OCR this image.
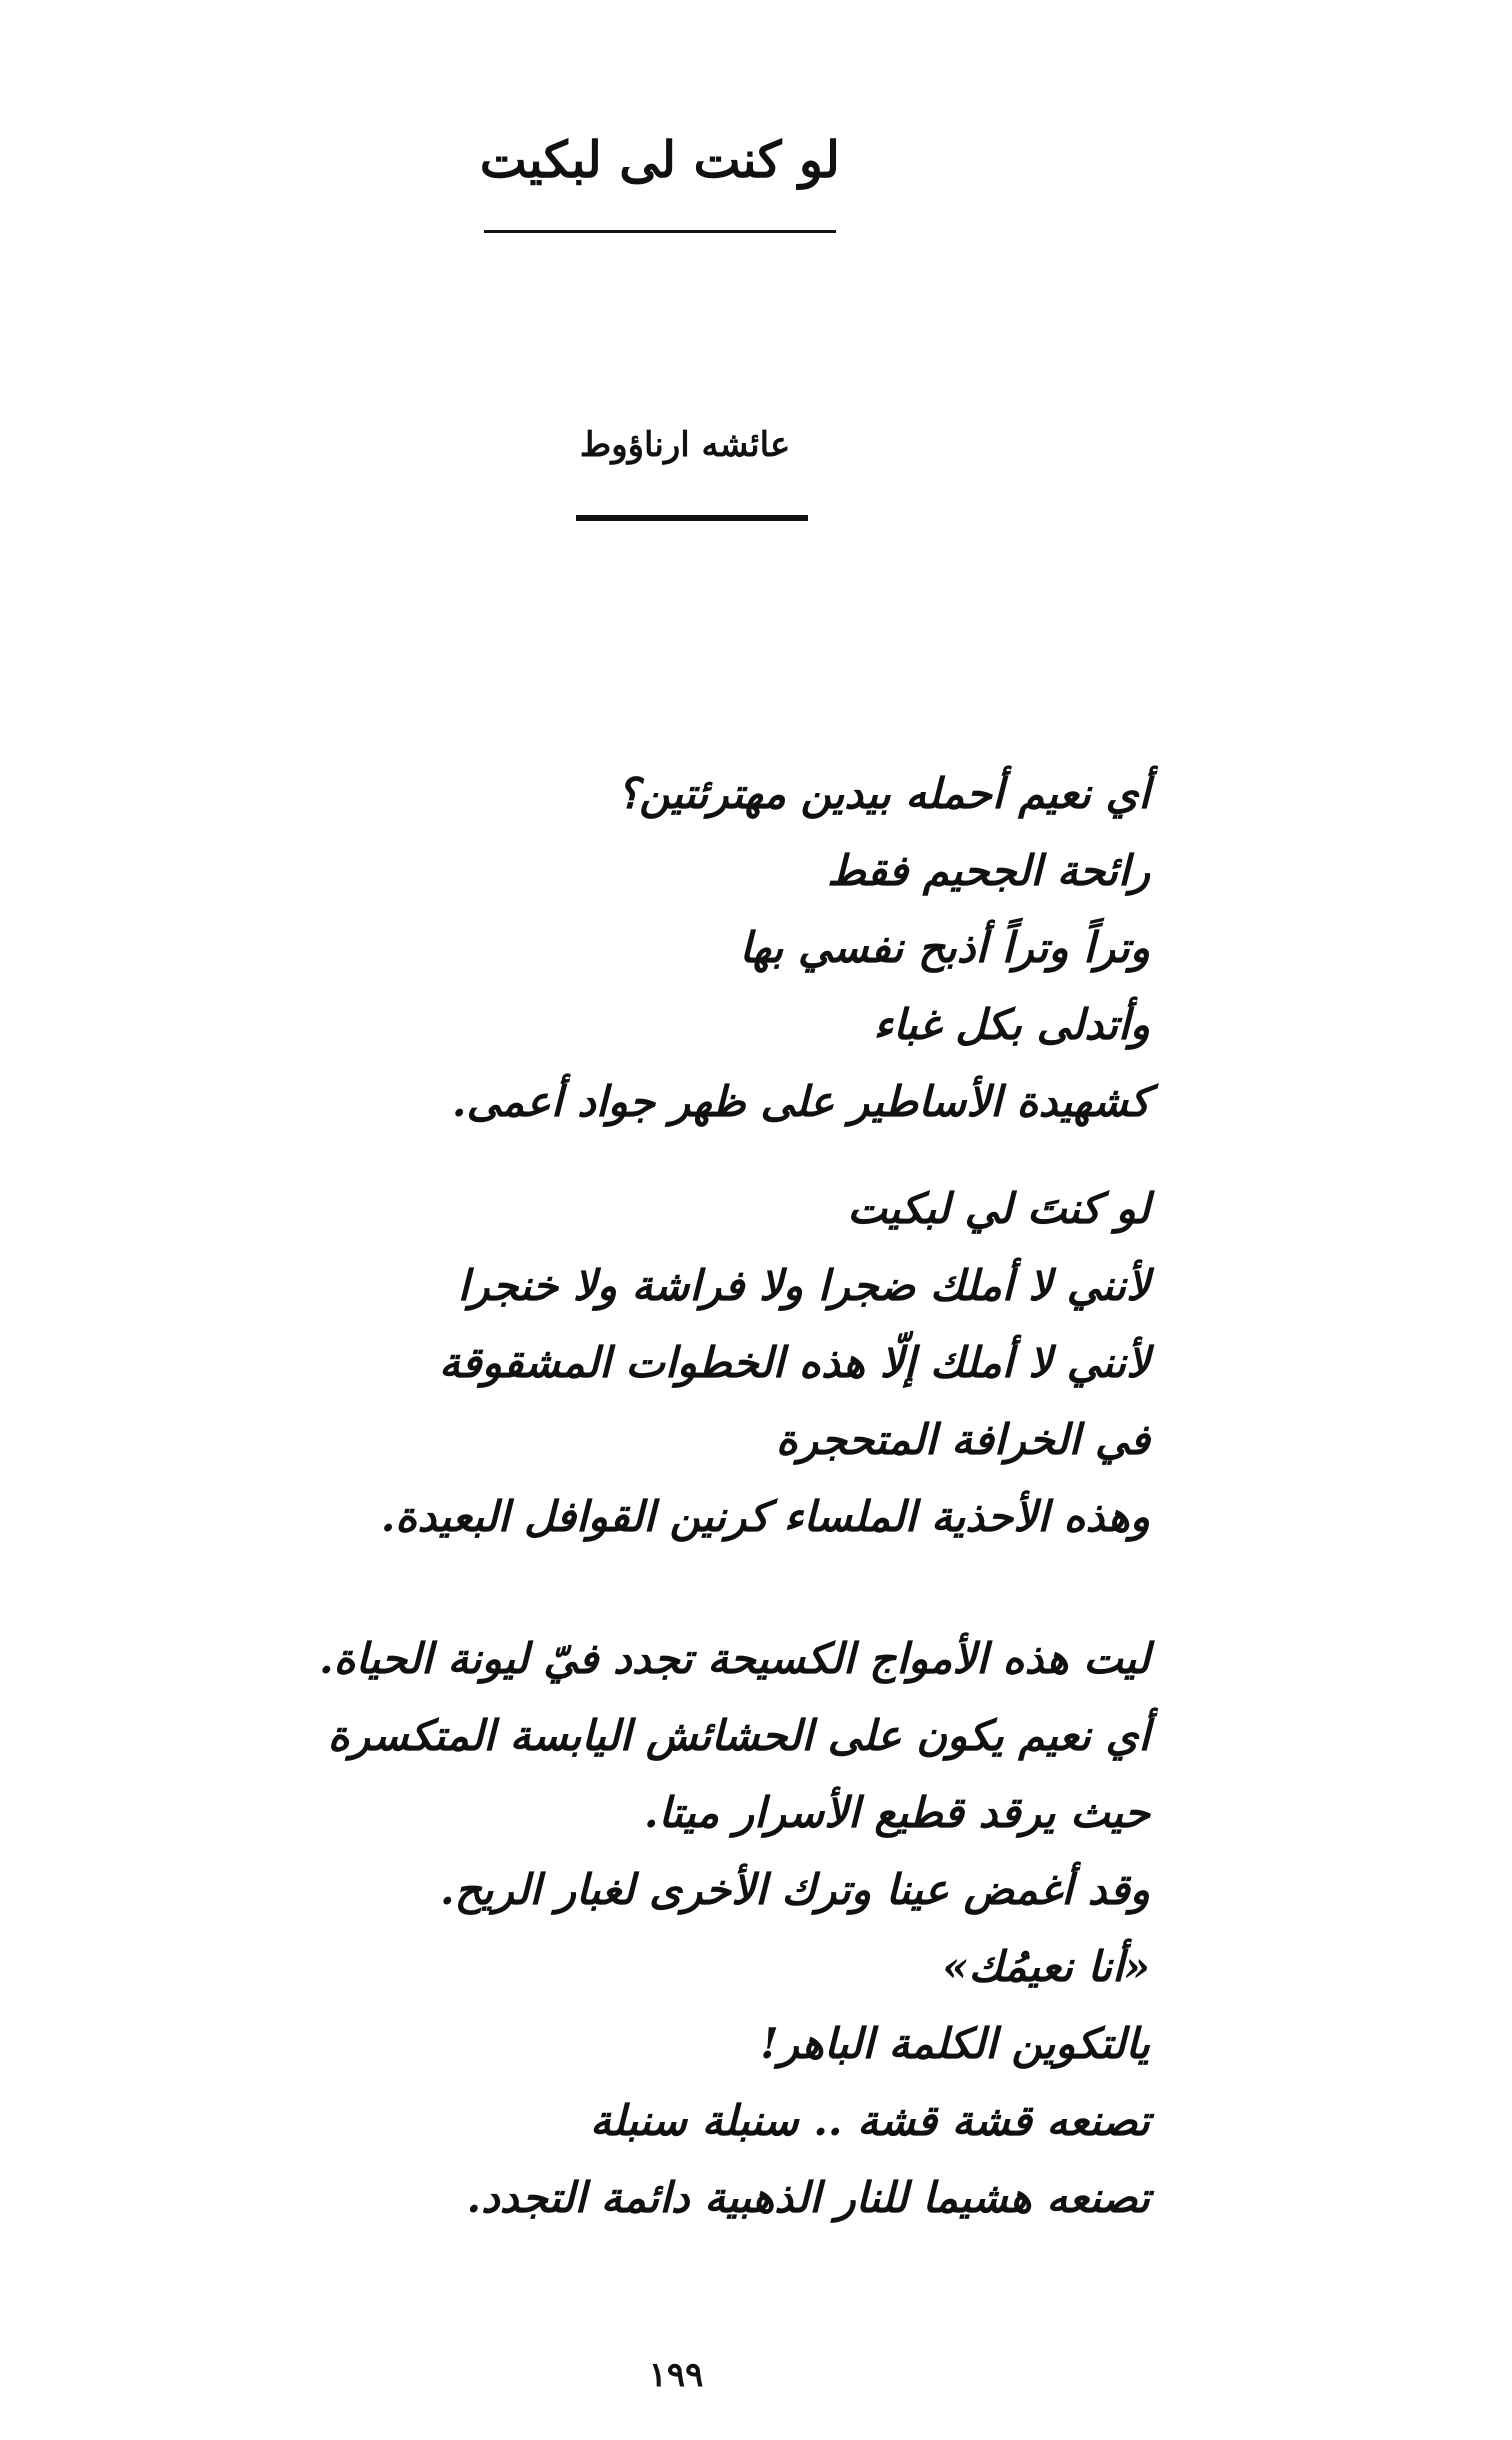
لو كنت لى لبكيت
عائشه ارناؤوط
أي نعيم أحمله بيدين مهترئتين؟
رائحة الجحيم فقط
وتراً وتراً أذبح نفسي بها
وأتدلى بكل غباء
كشهيدة الأساطير على ظهر جواد أعمى.
لو كنتَ لي لبكيت
لأنني لا أملك ضجرا ولا فراشة ولا خنجرا
لأنني لا أملك إلّا هذه الخطوات المشقوقة
في الخرافة المتحجرة
وهذه الأحذية الملساء كرنين القوافل البعيدة.
ليت هذه الأمواج الكسيحة تجدد فيّ ليونة الحياة.
أي نعيم يكون على الحشائش اليابسة المتكسرة
حيث يرقد قطيع الأسرار ميتا.
وقد أغمض عينا وترك الأخرى لغبار الريح.
«أنا نعيمُك»
يالتكوين الكلمة الباهر!
تصنعه قشة قشة .. سنبلة سنبلة
تصنعه هشيما للنار الذهبية دائمة التجدد.
١٩٩
